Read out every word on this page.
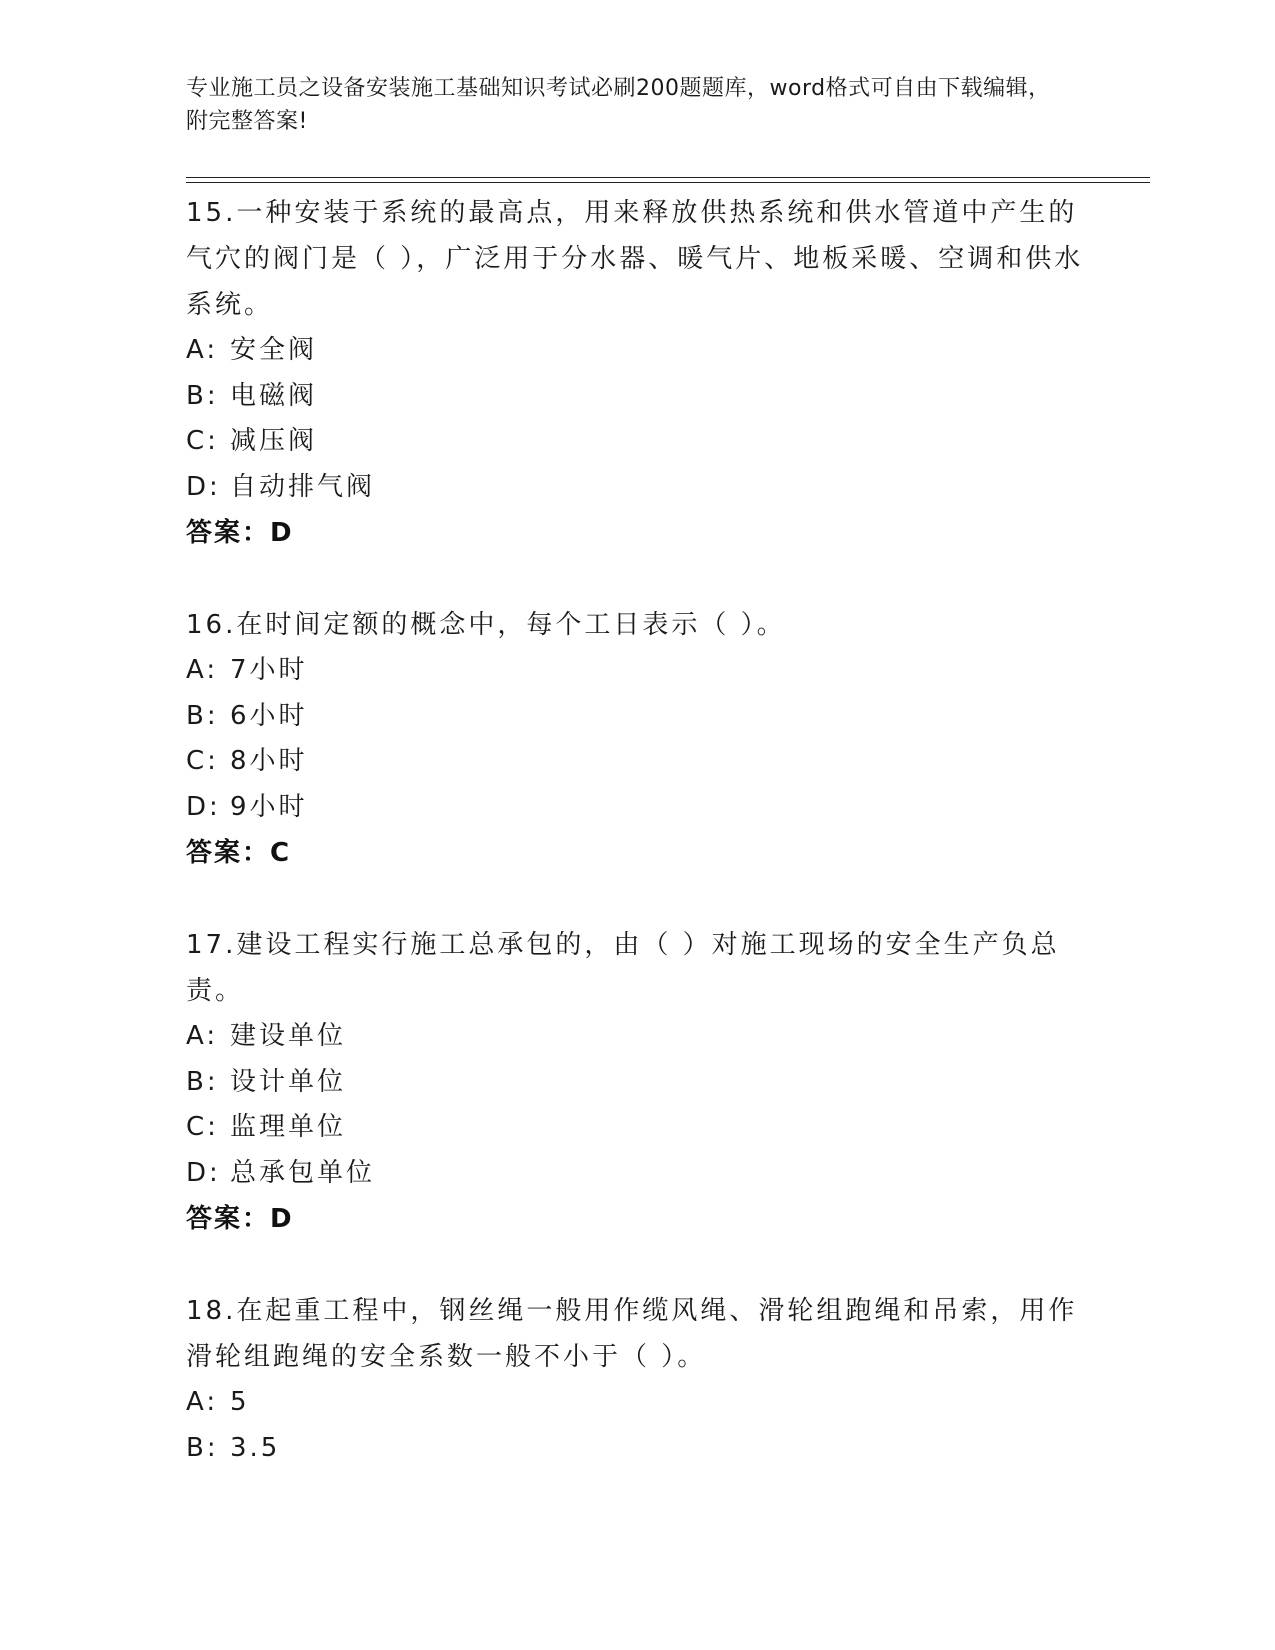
专业施工员之设备安装施工基础知识考试必刷200题题库，word格式可自由下载编辑，附完整答案!

15.一种安装于系统的最高点，用来释放供热系统和供水管道中产生的气穴的阀门是（ ），广泛用于分水器、暖气片、地板采暖、空调和供水系统。

A: 安全阀

B: 电磁阀

C: 减压阀

D: 自动排气阀

答案：D

16.在时间定额的概念中，每个工日表示（ ）。

A: 7小时

B: 6小时

C: 8小时

D: 9小时

答案：C

17.建设工程实行施工总承包的，由（ ）对施工现场的安全生产负总责。

A: 建设单位

B: 设计单位

C: 监理单位

D: 总承包单位

答案：D

18.在起重工程中，钢丝绳一般用作缆风绳、滑轮组跑绳和吊索，用作滑轮组跑绳的安全系数一般不小于（ ）。

A: 5

B: 3.5
